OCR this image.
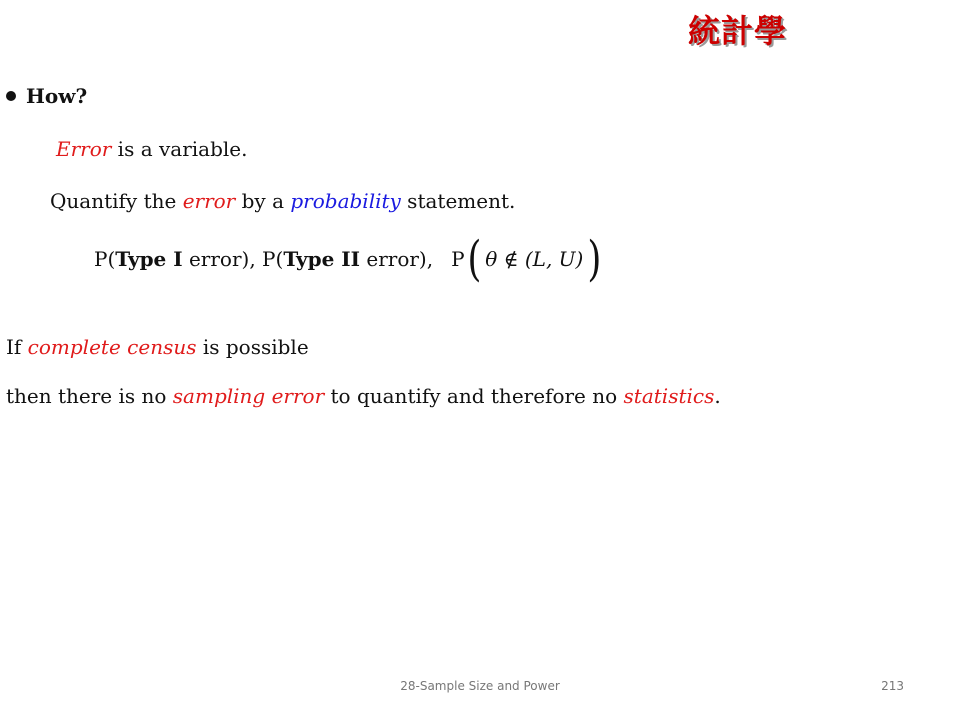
統計學
How?
Error is a variable.
Quantify the error by a probability statement.
P(Type I error), P(Type II error), P( θ ∉ (L, U))
If complete census is possible
then there is no sampling error to quantify and therefore no statistics.
28-Sample Size and Power	213
